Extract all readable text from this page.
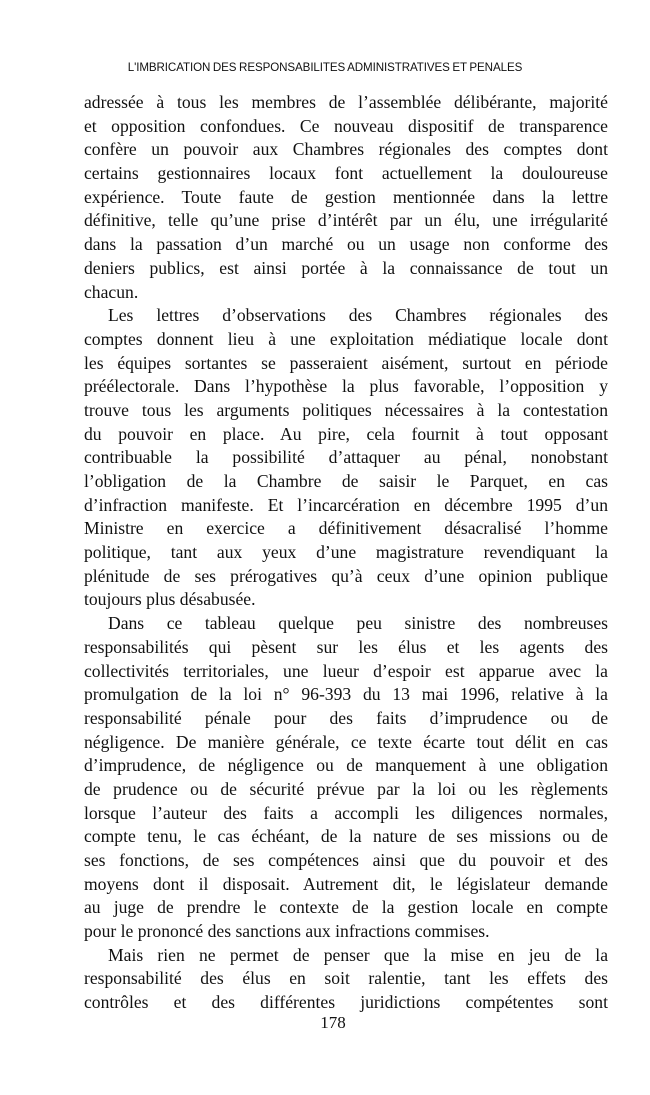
L'IMBRICATION DES RESPONSABILITES ADMINISTRATIVES ET PENALES
adressée à tous les membres de l’assemblée délibérante, majorité
et opposition confondues. Ce nouveau dispositif de transparence
confère un pouvoir aux Chambres régionales des comptes dont
certains gestionnaires locaux font actuellement la douloureuse
expérience. Toute faute de gestion mentionnée dans la lettre
définitive, telle qu’une prise d’intérêt par un élu, une irrégularité
dans la passation d’un marché ou un usage non conforme des
deniers publics, est ainsi portée à la connaissance de tout un
chacun.
Les lettres d’observations des Chambres régionales des
comptes donnent lieu à une exploitation médiatique locale dont
les équipes sortantes se passeraient aisément, surtout en période
préélectorale. Dans l’hypothèse la plus favorable, l’opposition y
trouve tous les arguments politiques nécessaires à la contestation
du pouvoir en place. Au pire, cela fournit à tout opposant
contribuable la possibilité d’attaquer au pénal, nonobstant
l’obligation de la Chambre de saisir le Parquet, en cas
d’infraction manifeste. Et l’incarcération en décembre 1995 d’un
Ministre en exercice a définitivement désacralisé l’homme
politique, tant aux yeux d’une magistrature revendiquant la
plénitude de ses prérogatives qu’à ceux d’une opinion publique
toujours plus désabusée.
Dans ce tableau quelque peu sinistre des nombreuses
responsabilités qui pèsent sur les élus et les agents des
collectivités territoriales, une lueur d’espoir est apparue avec la
promulgation de la loi n° 96-393 du 13 mai 1996, relative à la
responsabilité pénale pour des faits d’imprudence ou de
négligence. De manière générale, ce texte écarte tout délit en cas
d’imprudence, de négligence ou de manquement à une obligation
de prudence ou de sécurité prévue par la loi ou les règlements
lorsque l’auteur des faits a accompli les diligences normales,
compte tenu, le cas échéant, de la nature de ses missions ou de
ses fonctions, de ses compétences ainsi que du pouvoir et des
moyens dont il disposait. Autrement dit, le législateur demande
au juge de prendre le contexte de la gestion locale en compte
pour le prononcé des sanctions aux infractions commises.
Mais rien ne permet de penser que la mise en jeu de la
responsabilité des élus en soit ralentie, tant les effets des
contrôles et des différentes juridictions compétentes sont
178
